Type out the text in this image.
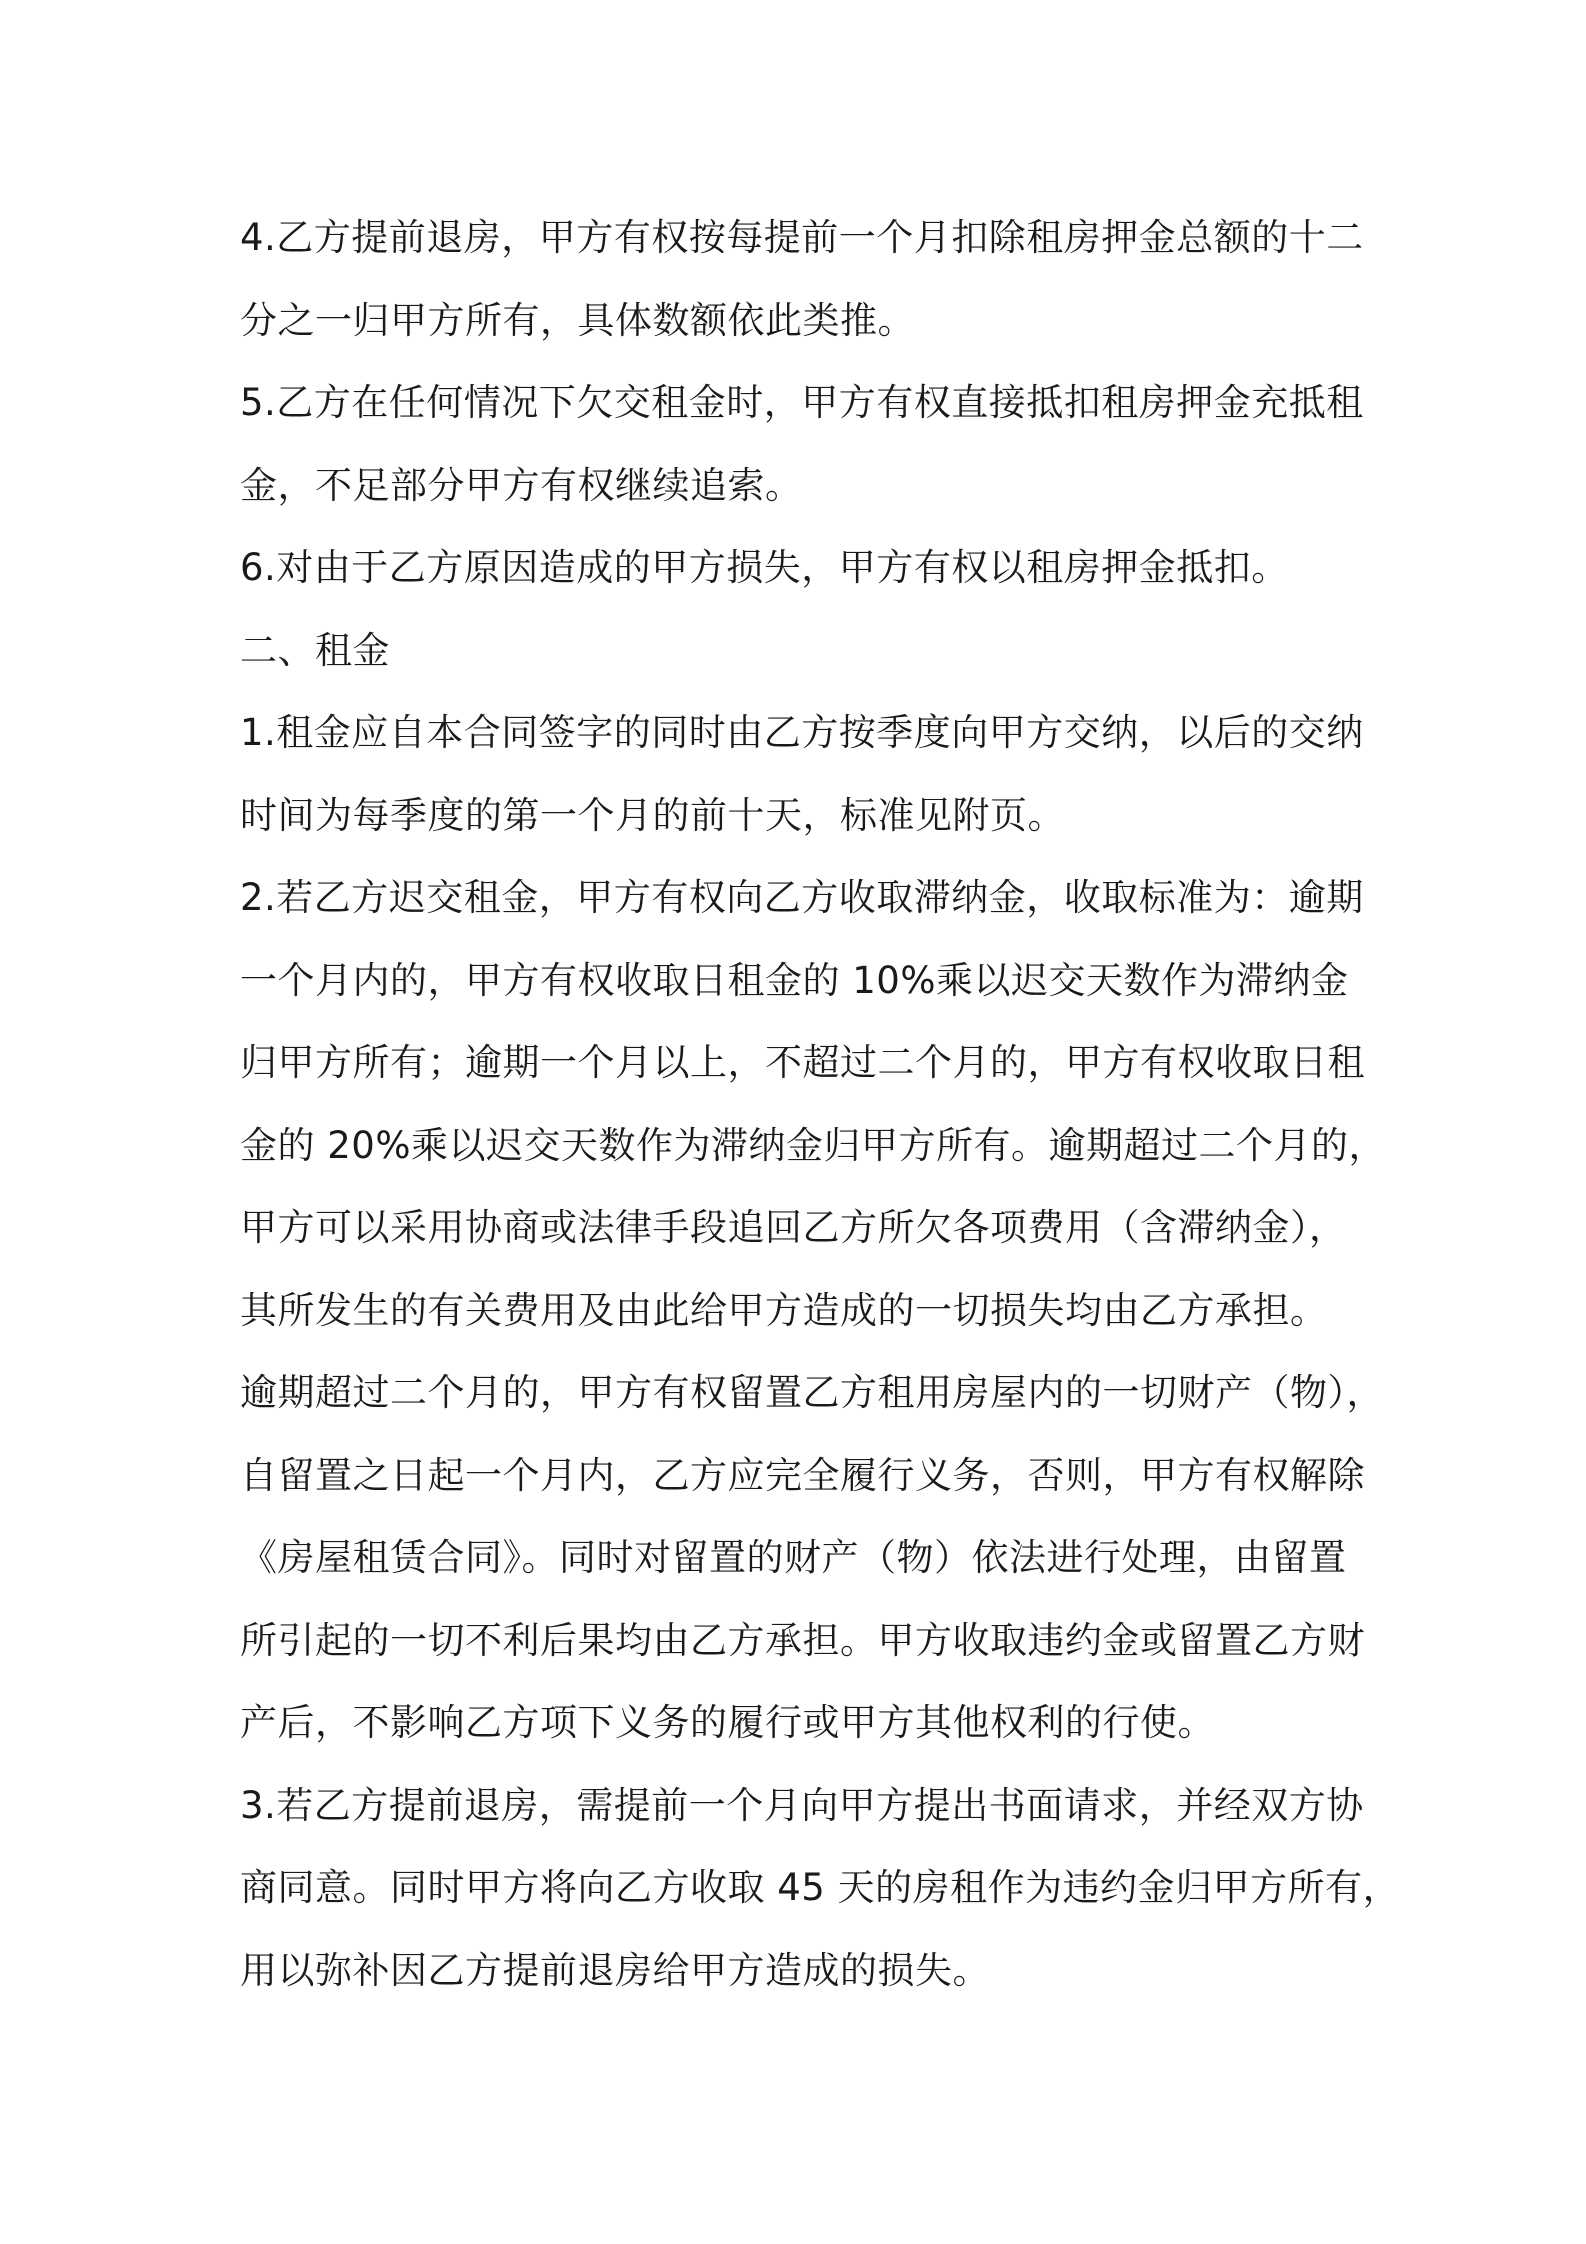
4.乙方提前退房，甲方有权按每提前一个月扣除租房押金总额的十二
分之一归甲方所有，具体数额依此类推。
5.乙方在任何情况下欠交租金时，甲方有权直接抵扣租房押金充抵租
金，不足部分甲方有权继续追索。
6.对由于乙方原因造成的甲方损失，甲方有权以租房押金抵扣。
二、租金
1.租金应自本合同签字的同时由乙方按季度向甲方交纳，以后的交纳
时间为每季度的第一个月的前十天，标准见附页。
2.若乙方迟交租金，甲方有权向乙方收取滞纳金，收取标准为：逾期
一个月内的，甲方有权收取日租金的 10%乘以迟交天数作为滞纳金
归甲方所有；逾期一个月以上，不超过二个月的，甲方有权收取日租
金的 20%乘以迟交天数作为滞纳金归甲方所有。逾期超过二个月的，
甲方可以采用协商或法律手段追回乙方所欠各项费用（含滞纳金），
其所发生的有关费用及由此给甲方造成的一切损失均由乙方承担。
逾期超过二个月的，甲方有权留置乙方租用房屋内的一切财产（物），
自留置之日起一个月内，乙方应完全履行义务，否则，甲方有权解除
《房屋租赁合同》。同时对留置的财产（物）依法进行处理，由留置
所引起的一切不利后果均由乙方承担。甲方收取违约金或留置乙方财
产后，不影响乙方项下义务的履行或甲方其他权利的行使。
3.若乙方提前退房，需提前一个月向甲方提出书面请求，并经双方协
商同意。同时甲方将向乙方收取 45 天的房租作为违约金归甲方所有，
用以弥补因乙方提前退房给甲方造成的损失。
